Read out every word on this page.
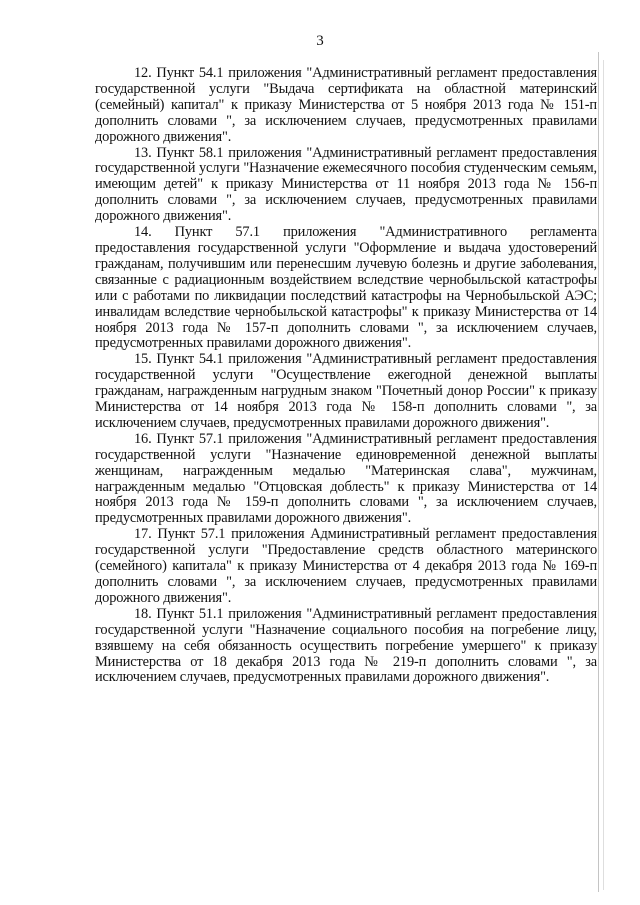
3

12. Пункт 54.1 приложения "Административный регламент предоставления государственной услуги "Выдача сертификата на областной материнский (семейный) капитал" к приказу Министерства от 5 ноября 2013 года № 151-п дополнить словами ", за исключением случаев, предусмотренных правилами дорожного движения".

13. Пункт 58.1 приложения "Административный регламент предоставления государственной услуги "Назначение ежемесячного пособия студенческим семьям, имеющим детей" к приказу Министерства от 11 ноября 2013 года № 156-п дополнить словами ", за исключением случаев, предусмотренных правилами дорожного движения".

14. Пункт 57.1 приложения "Административного регламента предоставления государственной услуги "Оформление и выдача удостоверений гражданам, получившим или перенесшим лучевую болезнь и другие заболевания, связанные с радиационным воздействием вследствие чернобыльской катастрофы или с работами по ликвидации последствий катастрофы на Чернобыльской АЭС; инвалидам вследствие чернобыльской катастрофы" к приказу Министерства от 14 ноября 2013 года № 157-п дополнить словами ", за исключением случаев, предусмотренных правилами дорожного движения".

15. Пункт 54.1 приложения "Административный регламент предоставления государственной услуги "Осуществление ежегодной денежной выплаты гражданам, награжденным нагрудным знаком "Почетный донор России" к приказу Министерства от 14 ноября 2013 года № 158-п дополнить словами ", за исключением случаев, предусмотренных правилами дорожного движения".

16. Пункт 57.1 приложения "Административный регламент предоставления государственной услуги "Назначение единовременной денежной выплаты женщинам, награжденным медалью "Материнская слава", мужчинам, награжденным медалью "Отцовская доблесть" к приказу Министерства от 14 ноября 2013 года № 159-п дополнить словами ", за исключением случаев, предусмотренных правилами дорожного движения".

17. Пункт 57.1 приложения Административный регламент предоставления государственной услуги "Предоставление средств областного материнского (семейного) капитала" к приказу Министерства от 4 декабря 2013 года № 169-п дополнить словами ", за исключением случаев, предусмотренных правилами дорожного движения".

18. Пункт 51.1 приложения "Административный регламент предоставления государственной услуги "Назначение социального пособия на погребение лицу, взявшему на себя обязанность осуществить погребение умершего" к приказу Министерства от 18 декабря 2013 года № 219-п дополнить словами ", за исключением случаев, предусмотренных правилами дорожного движения".
